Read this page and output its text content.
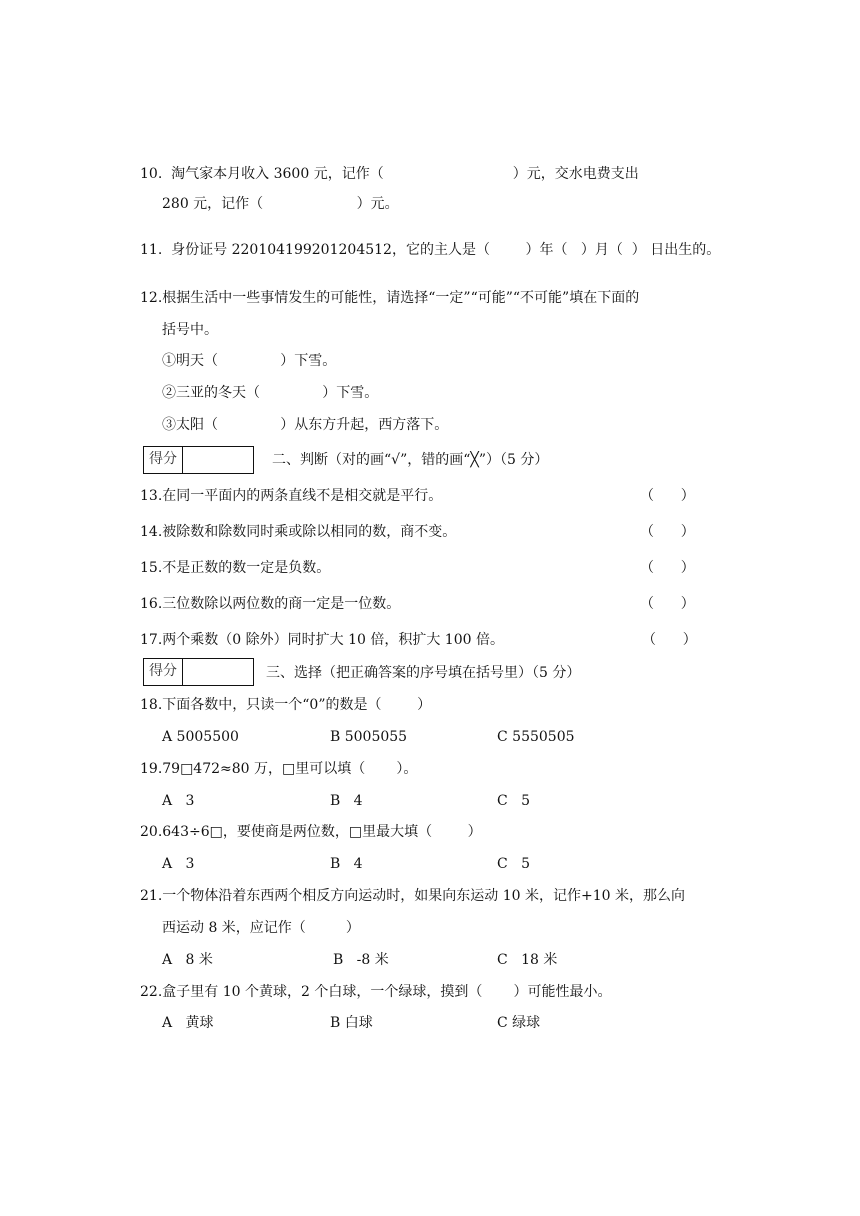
10.  淘气家本月收入 3600 元，记作（                             ）元，交水电费支出
280 元，记作（                     ）元。
11.  身份证号 220104199201204512，它的主人是（        ）年（   ）月（  ） 日出生的。
12.根据生活中一些事情发生的可能性，请选择“一定”“可能”“不可能”填在下面的
括号中。
①明天（              ）下雪。
②三亚的冬天（              ）下雪。
③太阳（              ）从东方升起，西方落下。
得分	二、判断（对的画“√”，错的画“╳”）（5 分）
13.在同一平面内的两条直线不是相交就是平行。	（      ）
14.被除数和除数同时乘或除以相同的数，商不变。	（      ）
15.不是正数的数一定是负数。	（      ）
16.三位数除以两位数的商一定是一位数。	（      ）
17.两个乘数（0 除外）同时扩大 10 倍，积扩大 100 倍。	（      ）
得分	三、选择（把正确答案的序号填在括号里）（5 分）
18.下面各数中，只读一个“0”的数是（        ）
A 5005500	B 5005055	C 5550505
19.79□472≈80 万，□里可以填（       ）。
A   3	B   4	C   5
20.643÷6□，要使商是两位数，□里最大填（        ）
A   3	B   4	C   5
21.一个物体沿着东西两个相反方向运动时，如果向东运动 10 米，记作+10 米，那么向
西运动 8 米，应记作（         ）
A   8 米	B   -8 米	C   18 米
22.盒子里有 10 个黄球，2 个白球，一个绿球，摸到（       ）可能性最小。
A   黄球	B 白球	C 绿球
